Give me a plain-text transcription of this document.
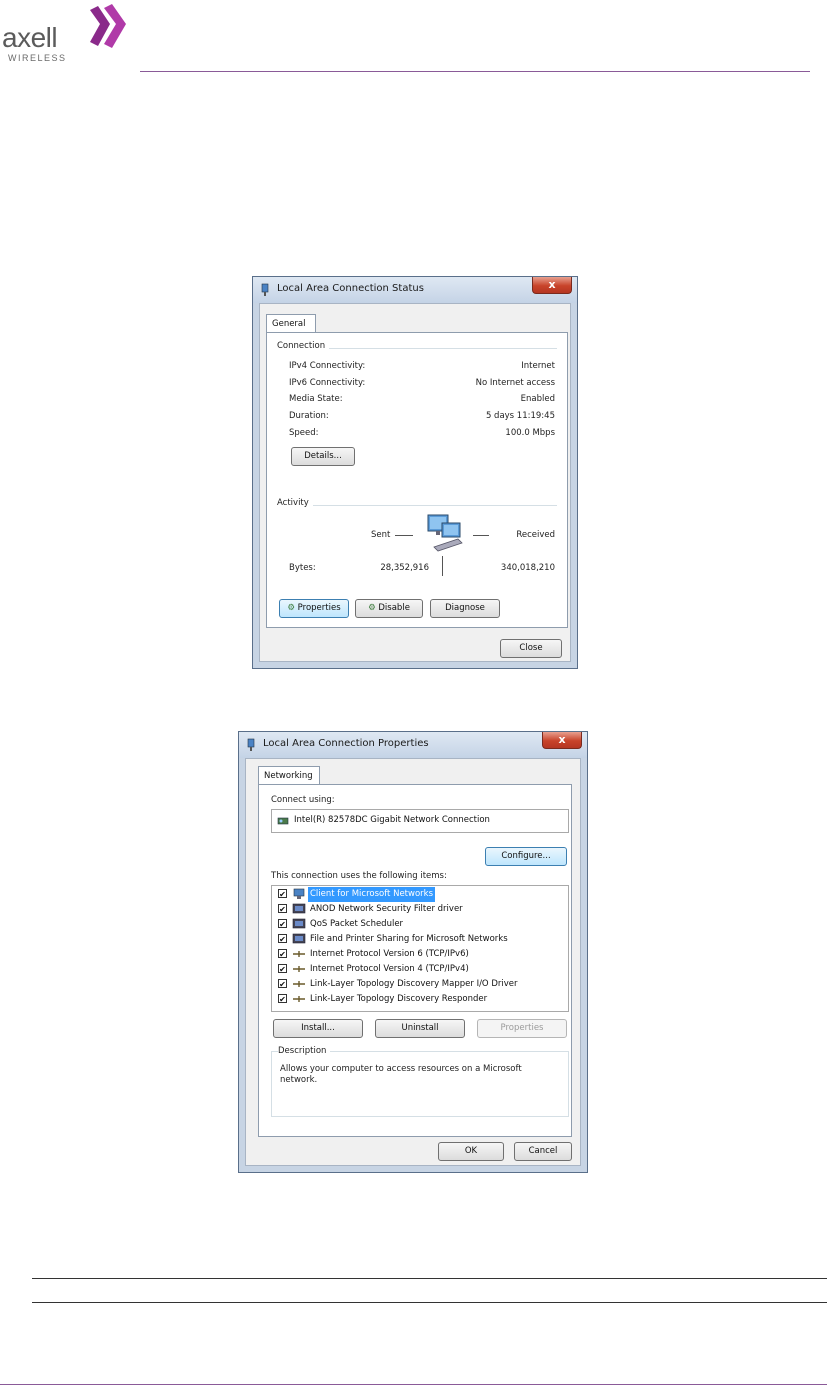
axell
WIRELESS
Local Area Connection Status	x
General
Connection
IPv4 Connectivity:	Internet
IPv6 Connectivity:	No Internet access
Media State:	Enabled
Duration:	5 days 11:19:45
Speed:	100.0 Mbps
Details...
Activity
Sent	Received
Bytes:	28,352,916	340,018,210
⚙ Properties	⚙ Disable	Diagnose
Close
Local Area Connection Properties	x
Networking
Connect using:
Intel(R) 82578DC Gigabit Network Connection
Configure...
This connection uses the following items:
✔	Client for Microsoft Networks
✔	ANOD Network Security Filter driver
✔	QoS Packet Scheduler
✔	File and Printer Sharing for Microsoft Networks
✔	Internet Protocol Version 6 (TCP/IPv6)
✔	Internet Protocol Version 4 (TCP/IPv4)
✔	Link-Layer Topology Discovery Mapper I/O Driver
✔	Link-Layer Topology Discovery Responder
Install...	Uninstall	Properties
Description
Allows your computer to access resources on a Microsoft network.
OK	Cancel
